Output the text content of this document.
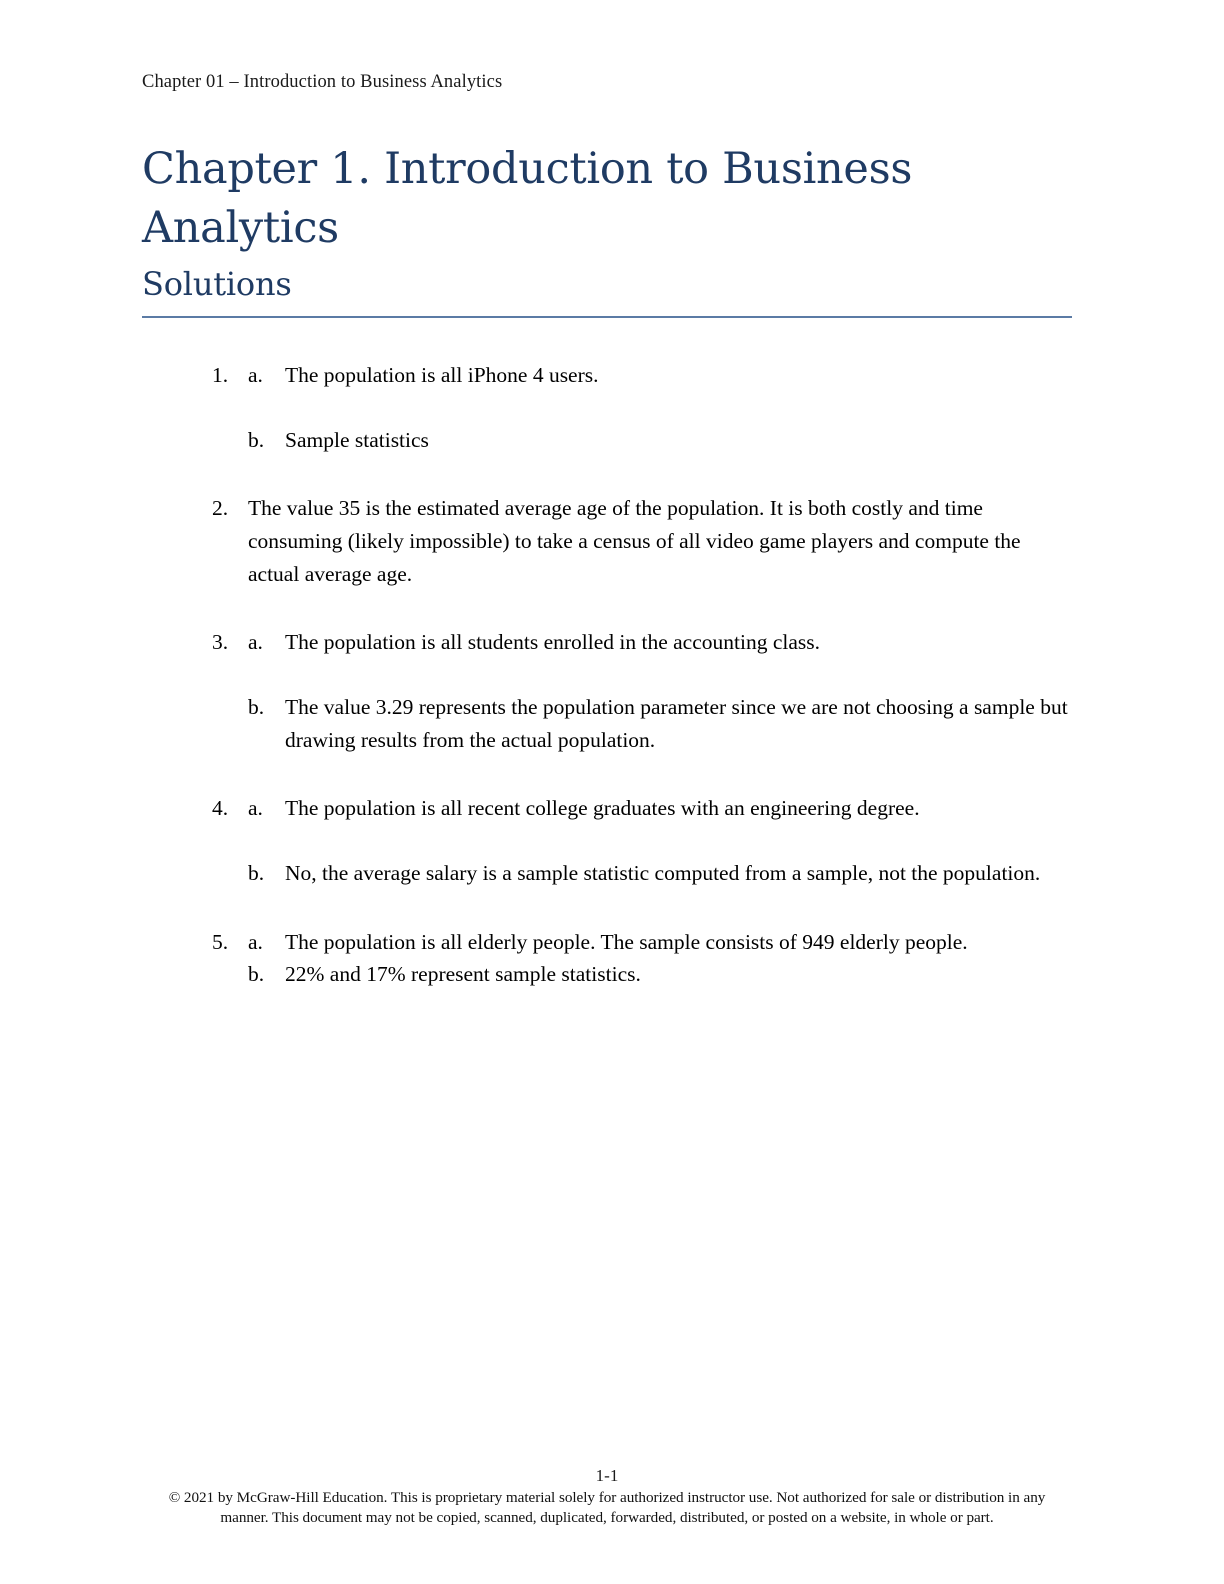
Chapter 01 – Introduction to Business Analytics
Chapter 1. Introduction to Business Analytics
Solutions
1. a.	The population is all iPhone 4 users.
b. Sample statistics
2. The value 35 is the estimated average age of the population. It is both costly and time consuming (likely impossible) to take a census of all video game players and compute the actual average age.

3. a.	The population is all students enrolled in the accounting class.
b. The value 3.29 represents the population parameter since we are not choosing a sample but drawing results from the actual population.
4. a.	The population is all recent college graduates with an engineering degree.
b. No, the average salary is a sample statistic computed from a sample, not the population.
5. a.	The population is all elderly people. The sample consists of 949 elderly people.
b. 22% and 17% represent sample statistics.

1-1

© 2021 by McGraw-Hill Education. This is proprietary material solely for authorized instructor use. Not authorized for sale or distribution in any
manner. This document may not be copied, scanned, duplicated, forwarded, distributed, or posted on a website, in whole or part.
